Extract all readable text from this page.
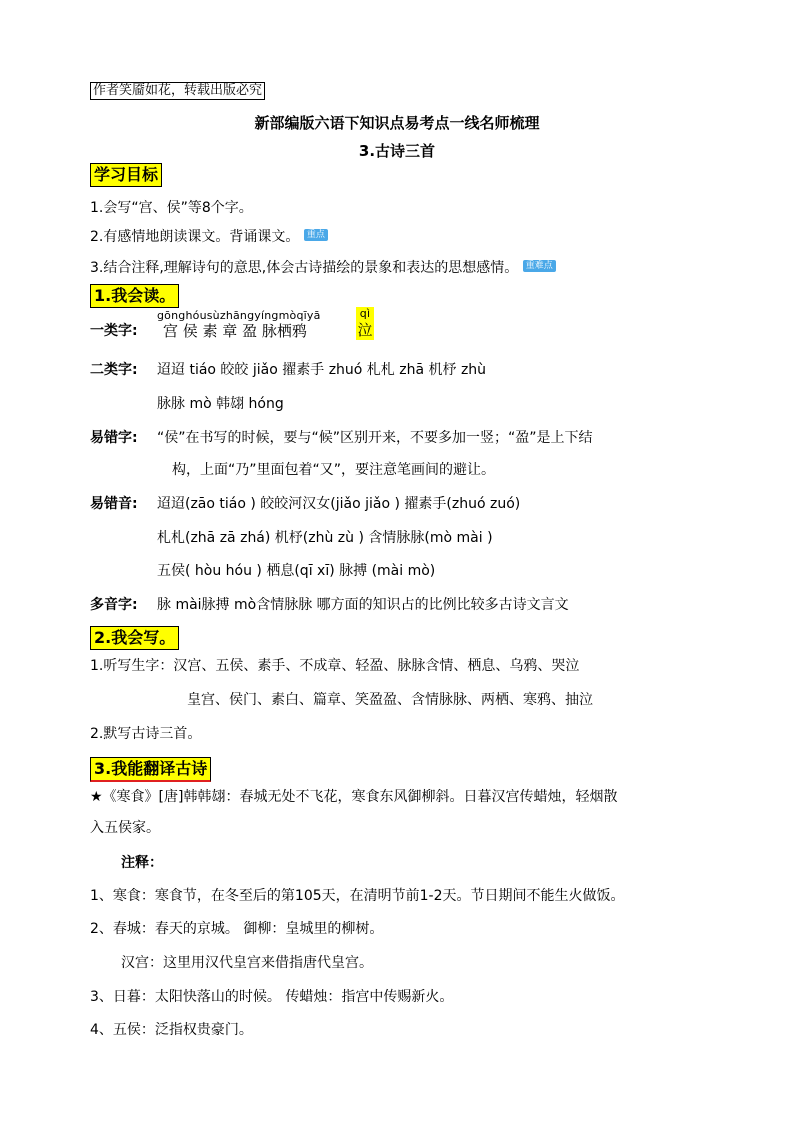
作者笑靥如花，转载出版必究
新部编版六语下知识点易考点一线名师梳理
3.古诗三首
学习目标
1.会写“宫、侯”等8个字。
2.有感情地朗读课文。背诵课文。 重点
3.结合注释,理解诗句的意思,体会古诗描绘的景象和表达的思想感情。 重难点
1.我会读。
gōnghóusùzhāngyíngmòqīyā
一类字: 宫 侯 素 章 盈 脉栖鸦
qì
泣
二类字: 迢迢 tiáo 皎皎 jiǎo 擢素手 zhuó 札札 zhā 机杼 zhù
脉脉 mò 韩翃 hóng
易错字: “侯”在书写的时候，要与“候”区别开来，不要多加一竖；“盈”是上下结
构，上面“乃”里面包着“又”，要注意笔画间的避让。
易错音: 迢迢(zāo tiáo ) 皎皎河汉女(jiǎo jiǎo ) 擢素手(zhuó zuó)
札札(zhā zā zhá) 机杼(zhù zù ) 含情脉脉(mò mài )
五侯( hòu hóu ) 栖息(qī xī) 脉搏 (mài mò)
多音字: 脉 mài脉搏 mò含情脉脉 哪方面的知识占的比例比较多古诗文言文
2.我会写。
1.听写生字：汉宫、五侯、素手、不成章、轻盈、脉脉含情、栖息、乌鸦、哭泣
皇宫、侯门、素白、篇章、笑盈盈、含情脉脉、两栖、寒鸦、抽泣
2.默写古诗三首。
3.我能翻译古诗
★《寒食》[唐]韩韩翃：春城无处不飞花，寒食东风御柳斜。日暮汉宫传蜡烛，轻烟散
入五侯家。
注释：
1、寒食：寒食节，在冬至后的第105天，在清明节前1-2天。节日期间不能生火做饭。
2、春城：春天的京城。 御柳：皇城里的柳树。
汉宫：这里用汉代皇宫来借指唐代皇宫。
3、日暮：太阳快落山的时候。 传蜡烛：指宫中传赐新火。
4、五侯：泛指权贵豪门。
